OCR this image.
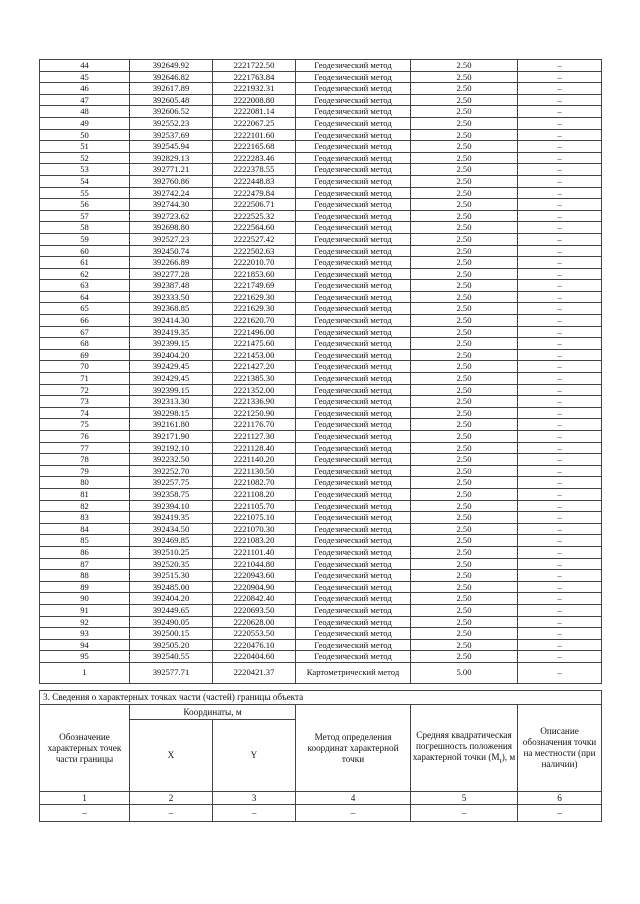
44	392649.92	2221722.50	Геодезический метод	2.50	–
45	392646.82	2221763.84	Геодезический метод	2.50	–
46	392617.89	2221932.31	Геодезический метод	2.50	–
47	392605.48	2222008.80	Геодезический метод	2.50	–
48	392606.52	2222081.14	Геодезический метод	2.50	–
49	392552.23	2222067.25	Геодезический метод	2.50	–
50	392537.69	2222101.60	Геодезический метод	2.50	–
51	392545.94	2222165.68	Геодезический метод	2.50	–
52	392829.13	2222283.46	Геодезический метод	2.50	–
53	392771.21	2222378.55	Геодезический метод	2.50	–
54	392760.86	2222448.83	Геодезический метод	2.50	–
55	392742.24	2222479.84	Геодезический метод	2.50	–
56	392744.30	2222506.71	Геодезический метод	2.50	–
57	392723.62	2222525.32	Геодезический метод	2.50	–
58	392698.80	2222564.60	Геодезический метод	2.50	–
59	392527.23	2222527.42	Геодезический метод	2.50	–
60	392450.74	2222502.63	Геодезический метод	2.50	–
61	392266.89	2222010.70	Геодезический метод	2.50	–
62	392277.28	2221853.60	Геодезический метод	2.50	–
63	392387.48	2221749.69	Геодезический метод	2.50	–
64	392333.50	2221629.30	Геодезический метод	2.50	–
65	392368.85	2221629.30	Геодезический метод	2.50	–
66	392414.30	2221620.70	Геодезический метод	2.50	–
67	392419.35	2221496.00	Геодезический метод	2.50	–
68	392399.15	2221475.60	Геодезический метод	2.50	–
69	392404.20	2221453.00	Геодезический метод	2.50	–
70	392429.45	2221427.20	Геодезический метод	2.50	–
71	392429.45	2221385.30	Геодезический метод	2.50	–
72	392399.15	2221352.00	Геодезический метод	2.50	–
73	392313.30	2221336.90	Геодезический метод	2.50	–
74	392298.15	2221250.90	Геодезический метод	2.50	–
75	392161.80	2221176.70	Геодезический метод	2.50	–
76	392171.90	2221127.30	Геодезический метод	2.50	–
77	392192.10	2221128.40	Геодезический метод	2.50	–
78	392232.50	2221140.20	Геодезический метод	2.50	–
79	392252.70	2221130.50	Геодезический метод	2.50	–
80	392257.75	2221082.70	Геодезический метод	2.50	–
81	392358.75	2221108.20	Геодезический метод	2.50	–
82	392394.10	2221105.70	Геодезический метод	2.50	–
83	392419.35	2221075.10	Геодезический метод	2.50	–
84	392434.50	2221070.30	Геодезический метод	2.50	–
85	392469.85	2221083.20	Геодезический метод	2.50	–
86	392510.25	2221101.40	Геодезический метод	2.50	–
87	392520.35	2221044.80	Геодезический метод	2.50	–
88	392515.30	2220943.60	Геодезический метод	2.50	–
89	392485.00	2220904.90	Геодезический метод	2.50	–
90	392404.20	2220842.40	Геодезический метод	2.50	–
91	392449.65	2220693.50	Геодезический метод	2.50	–
92	392490.05	2220628.00	Геодезический метод	2.50	–
93	392500.15	2220553.50	Геодезический метод	2.50	–
94	392505.20	2220476.10	Геодезический метод	2.50	–
95	392540.55	2220404.60	Геодезический метод	2.50	–
1	392577.71	2220421.37	Картометрический метод	5.00	–
3. Сведения о характерных точках части (частей) границы объекта					
Обозначение характерных точек части границы	Координаты, м		Метод определения координат характерной точки	Средняя квадратическая погрешность положения характерной точки $(M_t)$, м	Описание обозначения точки на местности (при наличии)
	X	Y			
1	2	3	4	5	6
–	–	–	–	–	–
